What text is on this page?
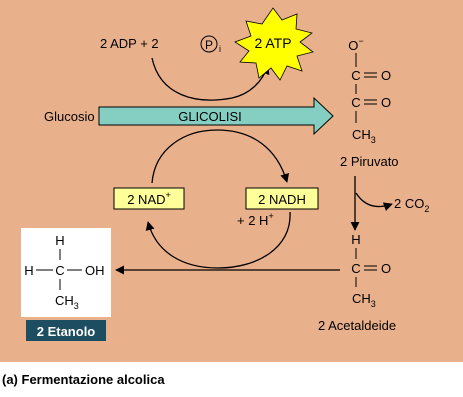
2 ADP + 2	P i 2 ATP
Glucosio	GLICOLISI
2 NAD+	2 NADH
+ 2 H+
O−
C O
C O
$CH_3$
2 Piruvato
2 $CO_2$
H
C O
$CH_3$
2 Acetaldeide
H
H C OH
$CH_3$
2 Etanolo
(a) Fermentazione alcolica
